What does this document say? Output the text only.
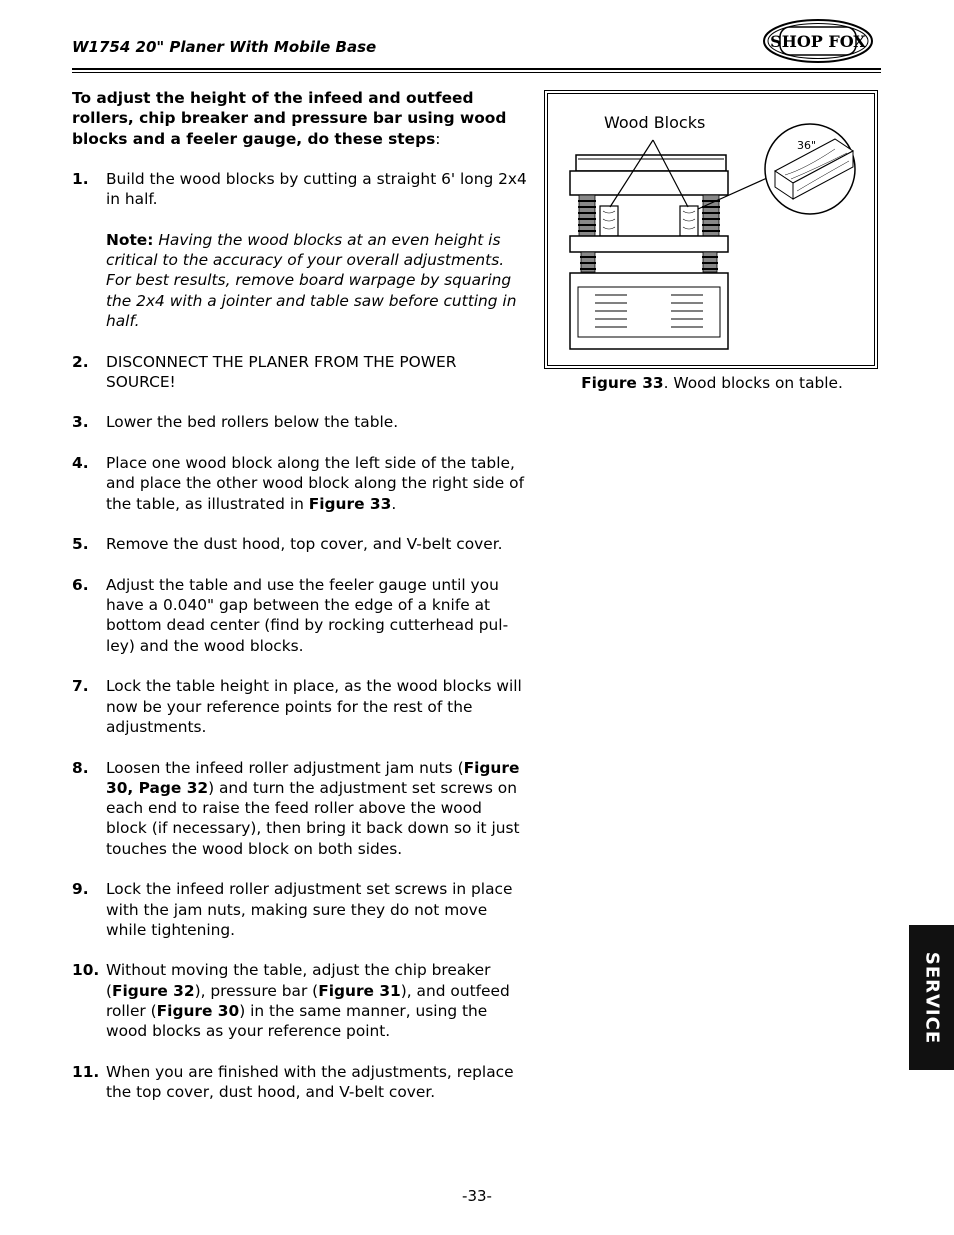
W1754 20" Planer With Mobile Base	SHOP FOX

To adjust the height of the infeed and outfeed rollers, chip breaker and pressure bar using wood blocks and a feeler gauge, do these steps:

1. Build the wood blocks by cutting a straight 6' long 2x4 in half.
Note: Having the wood blocks at an even height is critical to the accuracy of your overall adjustments. For best results, remove board warpage by squaring the 2x4 with a jointer and table saw before cutting in half.
2. DISCONNECT THE PLANER FROM THE POWER SOURCE!
3. Lower the bed rollers below the table.
4. Place one wood block along the left side of the table, and place the other wood block along the right side of the table, as illustrated in Figure 33.
5. Remove the dust hood, top cover, and V-belt cover.
6. Adjust the table and use the feeler gauge until you have a 0.040" gap between the edge of a knife at bottom dead center (find by rocking cutterhead pulley) and the wood blocks.
7. Lock the table height in place, as the wood blocks will now be your reference points for the rest of the adjustments.
8. Loosen the infeed roller adjustment jam nuts (Figure 30, Page 32) and turn the adjustment set screws on each end to raise the feed roller above the wood block (if necessary), then bring it back down so it just touches the wood block on both sides.
9. Lock the infeed roller adjustment set screws in place with the jam nuts, making sure they do not move while tightening.
10. Without moving the table, adjust the chip breaker (Figure 32), pressure bar (Figure 31), and outfeed roller (Figure 30) in the same manner, using the wood blocks as your reference point.
11. When you are finished with the adjustments, replace the top cover, dust hood, and V-belt cover.
Wood Blocks
36"
Figure 33. Wood blocks on table.
SERVICE
-33-
